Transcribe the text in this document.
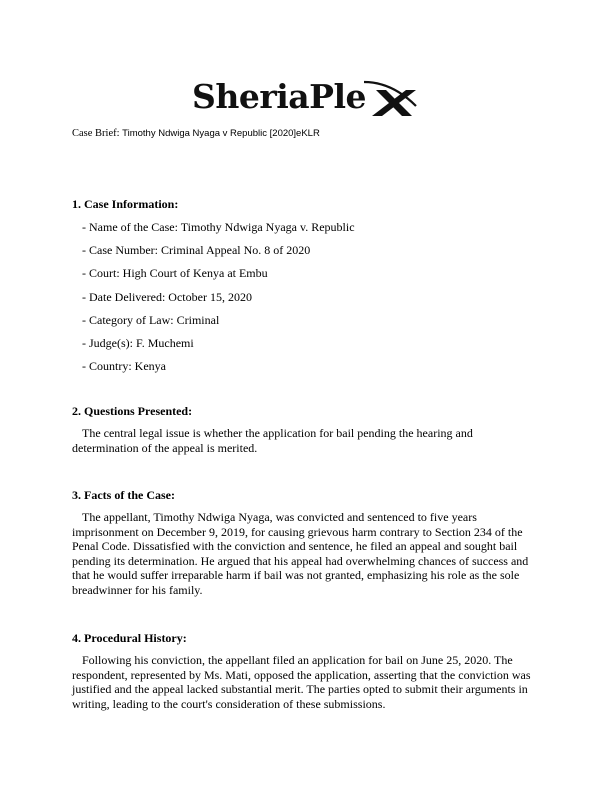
SheriaPle
Case Brief: Timothy Ndwiga Nyaga v Republic [2020]eKLR
1. Case Information:
- Name of the Case: Timothy Ndwiga Nyaga v. Republic
- Case Number: Criminal Appeal No. 8 of 2020
- Court: High Court of Kenya at Embu
- Date Delivered: October 15, 2020
- Category of Law: Criminal
- Judge(s): F. Muchemi
- Country: Kenya
2. Questions Presented:

The central legal issue is whether the application for bail pending the hearing and determination of the appeal is merited.

3. Facts of the Case:

The appellant, Timothy Ndwiga Nyaga, was convicted and sentenced to five years imprisonment on December 9, 2019, for causing grievous harm contrary to Section 234 of the Penal Code. Dissatisfied with the conviction and sentence, he filed an appeal and sought bail pending its determination. He argued that his appeal had overwhelming chances of success and that he would suffer irreparable harm if bail was not granted, emphasizing his role as the sole breadwinner for his family.

4. Procedural History:

Following his conviction, the appellant filed an application for bail on June 25, 2020. The respondent, represented by Ms. Mati, opposed the application, asserting that the conviction was justified and the appeal lacked substantial merit. The parties opted to submit their arguments in writing, leading to the court's consideration of these submissions.
